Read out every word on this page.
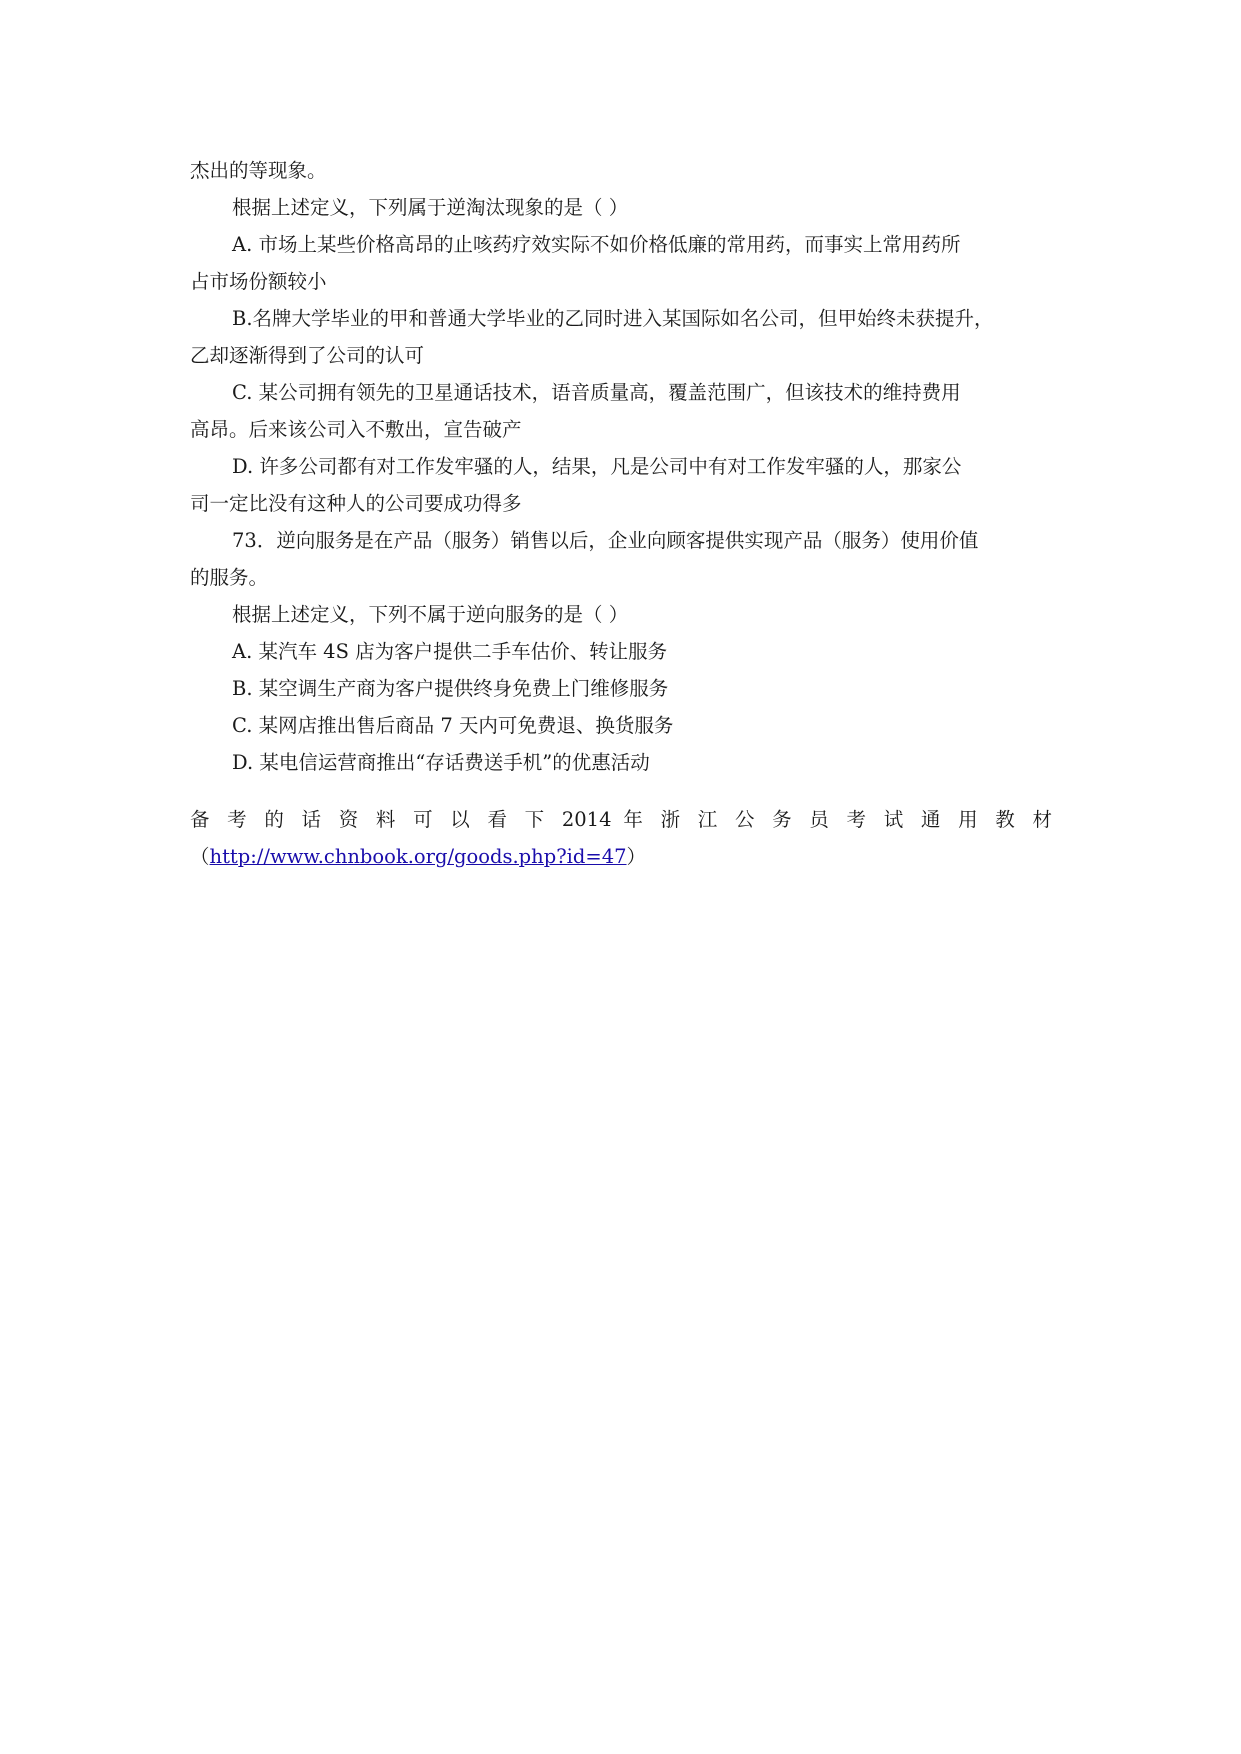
杰出的等现象。
根据上述定义，下列属于逆淘汰现象的是（ ）
A. 市场上某些价格高昂的止咳药疗效实际不如价格低廉的常用药，而事实上常用药所
占市场份额较小
B.名牌大学毕业的甲和普通大学毕业的乙同时进入某国际如名公司，但甲始终未获提升，
乙却逐渐得到了公司的认可
C. 某公司拥有领先的卫星通话技术，语音质量高，覆盖范围广，但该技术的维持费用
高昂。后来该公司入不敷出，宣告破产
D. 许多公司都有对工作发牢骚的人，结果，凡是公司中有对工作发牢骚的人，那家公
司一定比没有这种人的公司要成功得多
73．逆向服务是在产品（服务）销售以后，企业向顾客提供实现产品（服务）使用价值
的服务。
根据上述定义，下列不属于逆向服务的是（ ）
A. 某汽车 4S 店为客户提供二手车估价、转让服务
B. 某空调生产商为客户提供终身免费上门维修服务
C. 某网店推出售后商品 7 天内可免费退、换货服务
D. 某电信运营商推出“存话费送手机”的优惠活动
备 考 的 话 资 料 可 以 看 下 2014 年 浙 江 公 务 员 考 试 通 用 教 材
（http://www.chnbook.org/goods.php?id=47）
